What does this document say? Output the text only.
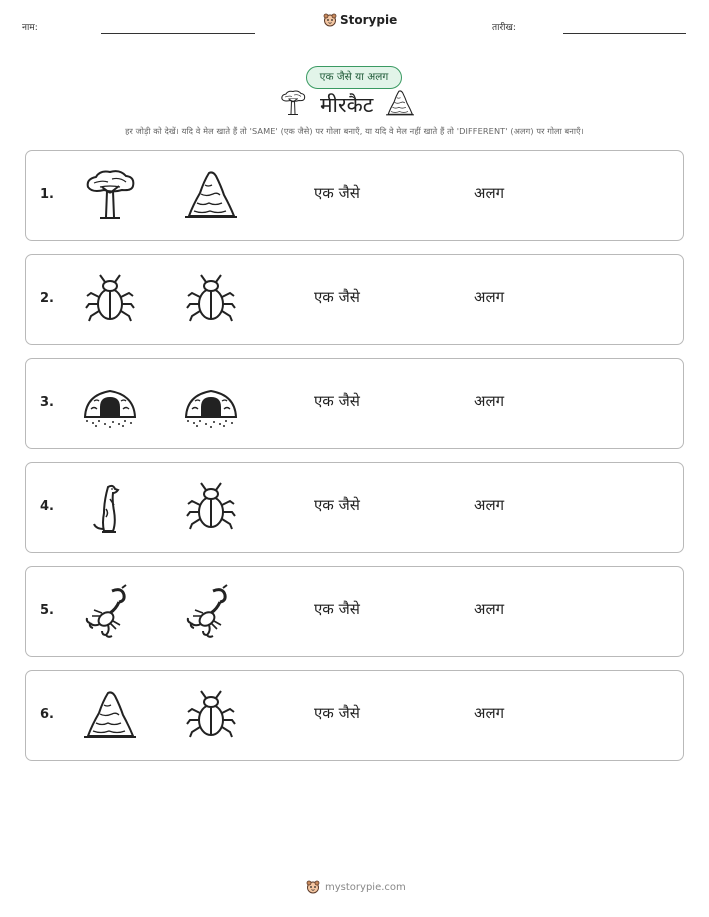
नाम:
Storypie
तारीख:
एक जैसे या अलग
मीरकैट
हर जोड़ी को देखें। यदि वे मेल खाते हैं तो 'SAME' (एक जैसे) पर गोला बनाएँ, या यदि वे मेल नहीं खाते हैं तो 'DIFFERENT' (अलग) पर गोला बनाएँ।
1.	एक जैसे	अलग
2.	एक जैसे	अलग
3.	एक जैसे	अलग
4.	एक जैसे	अलग
5.	एक जैसे	अलग
6.	एक जैसे	अलग
mystorypie.com
